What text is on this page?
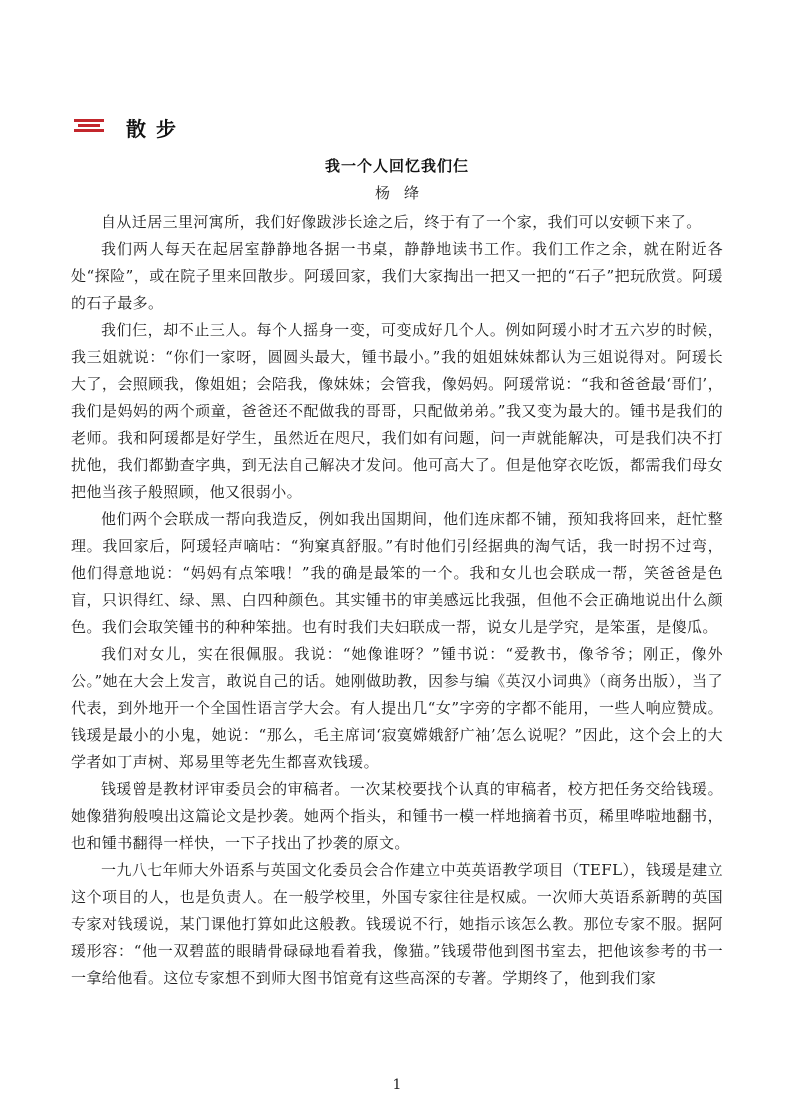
散步
我一个人回忆我们仨
杨绛

自从迁居三里河寓所，我们好像跋涉长途之后，终于有了一个家，我们可以安顿下来了。

我们两人每天在起居室静静地各据一书桌，静静地读书工作。我们工作之余，就在附近各处“探险”，或在院子里来回散步。阿瑗回家，我们大家掏出一把又一把的“石子”把玩欣赏。阿瑗的石子最多。

我们仨，却不止三人。每个人摇身一变，可变成好几个人。例如阿瑗小时才五六岁的时候，我三姐就说：“你们一家呀，圆圆头最大，锺书最小。”我的姐姐妹妹都认为三姐说得对。阿瑗长大了，会照顾我，像姐姐；会陪我，像妹妹；会管我，像妈妈。阿瑗常说：“我和爸爸最‘哥们’，我们是妈妈的两个顽童，爸爸还不配做我的哥哥，只配做弟弟。”我又变为最大的。锺书是我们的老师。我和阿瑗都是好学生，虽然近在咫尺，我们如有问题，问一声就能解决，可是我们决不打扰他，我们都勤查字典，到无法自己解决才发问。他可高大了。但是他穿衣吃饭，都需我们母女把他当孩子般照顾，他又很弱小。

他们两个会联成一帮向我造反，例如我出国期间，他们连床都不铺，预知我将回来，赶忙整理。我回家后，阿瑗轻声嘀咕：“狗窠真舒服。”有时他们引经据典的淘气话，我一时拐不过弯，他们得意地说：“妈妈有点笨哦！”我的确是最笨的一个。我和女儿也会联成一帮，笑爸爸是色盲，只识得红、绿、黑、白四种颜色。其实锺书的审美感远比我强，但他不会正确地说出什么颜色。我们会取笑锺书的种种笨拙。也有时我们夫妇联成一帮，说女儿是学究，是笨蛋，是傻瓜。

我们对女儿，实在很佩服。我说：“她像谁呀？”锺书说：“爱教书，像爷爷；刚正，像外公。”她在大会上发言，敢说自己的话。她刚做助教，因参与编《英汉小词典》（商务出版），当了代表，到外地开一个全国性语言学大会。有人提出几“女”字旁的字都不能用，一些人响应赞成。钱瑗是最小的小鬼，她说：“那么，毛主席词‘寂寞嫦娥舒广袖’怎么说呢？”因此，这个会上的大学者如丁声树、郑易里等老先生都喜欢钱瑗。

钱瑗曾是教材评审委员会的审稿者。一次某校要找个认真的审稿者，校方把任务交给钱瑗。她像猎狗般嗅出这篇论文是抄袭。她两个指头，和锺书一模一样地摘着书页，稀里哗啦地翻书，也和锺书翻得一样快，一下子找出了抄袭的原文。

一九八七年师大外语系与英国文化委员会合作建立中英英语教学项目（TEFL），钱瑗是建立这个项目的人，也是负责人。在一般学校里，外国专家往往是权威。一次师大英语系新聘的英国专家对钱瑗说，某门课他打算如此这般教。钱瑗说不行，她指示该怎么教。那位专家不服。据阿瑗形容：“他一双碧蓝的眼睛骨碌碌地看着我，像猫。”钱瑗带他到图书室去，把他该参考的书一一拿给他看。这位专家想不到师大图书馆竟有这些高深的专著。学期终了，他到我们家

1
